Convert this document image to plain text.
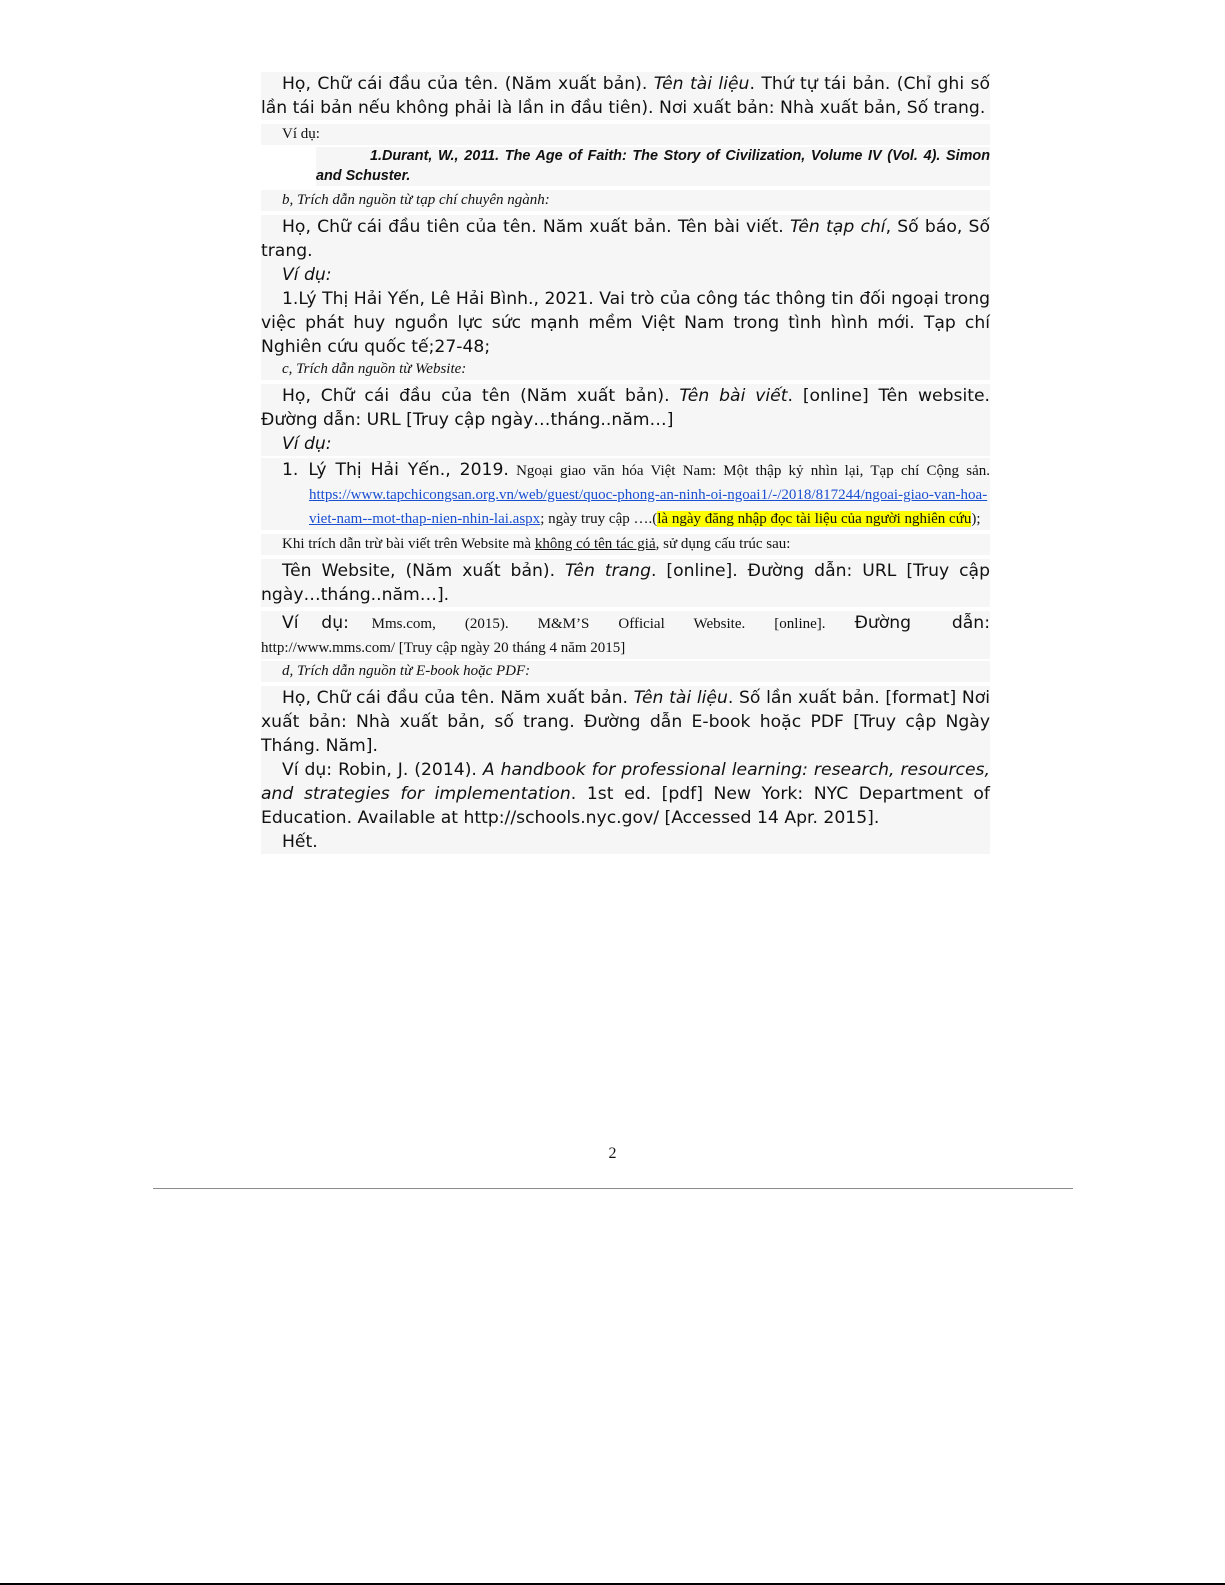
Họ, Chữ cái đầu của tên. (Năm xuất bản). Tên tài liệu. Thứ tự tái bản. (Chỉ ghi số lần tái bản nếu không phải là lần in đầu tiên). Nơi xuất bản: Nhà xuất bản, Số trang.

Ví dụ:

1.Durant, W., 2011. The Age of Faith: The Story of Civilization, Volume IV (Vol. 4). Simon and Schuster.

b, Trích dẫn nguồn từ tạp chí chuyên ngành:

Họ, Chữ cái đầu tiên của tên. Năm xuất bản. Tên bài viết. Tên tạp chí, Số báo, Số trang.

Ví dụ:

1.Lý Thị Hải Yến, Lê Hải Bình., 2021. Vai trò của công tác thông tin đối ngoại trong việc phát huy nguồn lực sức mạnh mềm Việt Nam trong tình hình mới. Tạp chí Nghiên cứu quốc tế;27-48;

c, Trích dẫn nguồn từ Website:

Họ, Chữ cái đầu của tên (Năm xuất bản). Tên bài viết. [online] Tên website. Đường dẫn: URL [Truy cập ngày…tháng..năm…]

Ví dụ:

1. Lý Thị Hải Yến., 2019. Ngoại giao văn hóa Việt Nam: Một thập kỷ nhìn lại, Tạp chí Cộng sản. https://www.tapchicongsan.org.vn/web/guest/quoc-phong-an-ninh-oi-ngoai1/-/2018/817244/ngoai-giao-van-hoa-viet-nam--mot-thap-nien-nhin-lai.aspx; ngày truy cập ….(là ngày đăng nhập đọc tài liệu của người nghiên cứu);

Khi trích dẫn trừ bài viết trên Website mà không có tên tác giả, sử dụng cấu trúc sau:

Tên Website, (Năm xuất bản). Tên trang. [online]. Đường dẫn: URL [Truy cập ngày…tháng..năm…].

Ví dụ: Mms.com, (2015). M&M’S Official Website. [online]. Đường dẫn: http://www.mms.com/ [Truy cập ngày 20 tháng 4 năm 2015]

d, Trích dẫn nguồn từ E-book hoặc PDF:

Họ, Chữ cái đầu của tên. Năm xuất bản. Tên tài liệu. Số lần xuất bản. [format] Nơi xuất bản: Nhà xuất bản, số trang. Đường dẫn E-book hoặc PDF [Truy cập Ngày Tháng. Năm].

Ví dụ: Robin, J. (2014). A handbook for professional learning: research, resources, and strategies for implementation. 1st ed. [pdf] New York: NYC Department of Education. Available at http://schools.nyc.gov/ [Accessed 14 Apr. 2015].

Hết.

2
